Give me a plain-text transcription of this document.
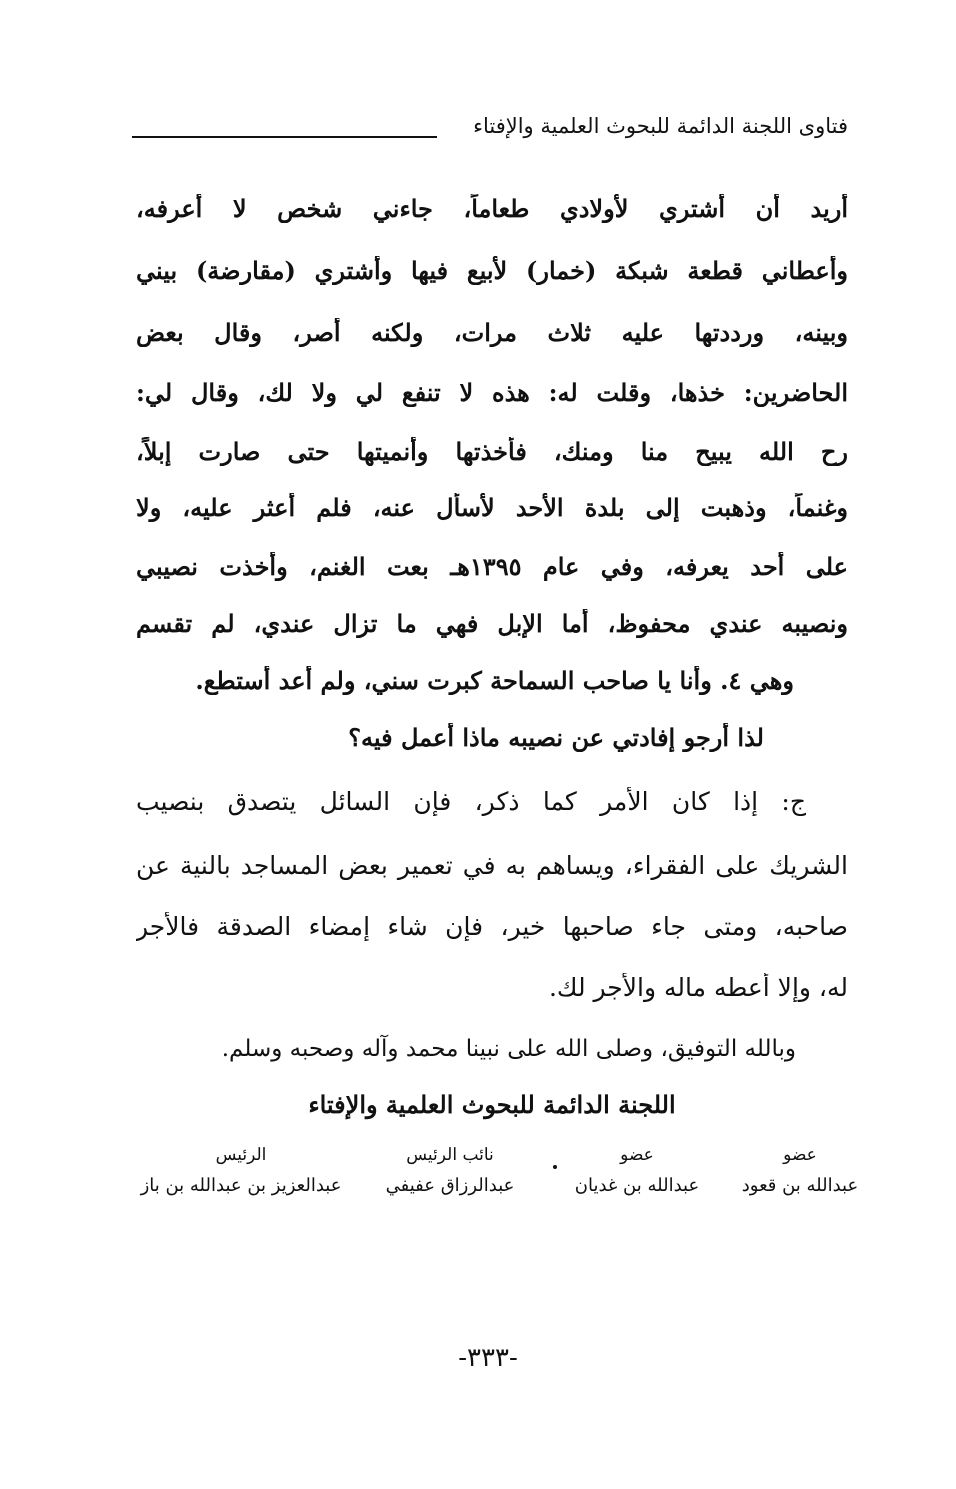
فتاوى اللجنة الدائمة للبحوث العلمية والإفتاء
أريد أن أشتري لأولادي طعاماً، جاءني شخص لا أعرفه،
وأعطاني قطعة شبكة (خمار) لأبيع فيها وأشتري (مقارضة) بيني
وبينه، ورددتها عليه ثلاث مرات، ولكنه أصر، وقال بعض
الحاضرين: خذها، وقلت له: هذه لا تنفع لي ولا لك، وقال لي:
رح الله يبيح منا ومنك، فأخذتها وأنميتها حتى صارت إبلاً،
وغنماً، وذهبت إلى بلدة الأحد لأسأل عنه، فلم أعثر عليه، ولا
على أحد يعرفه، وفي عام ١٣٩٥هـ بعت الغنم، وأخذت نصيبي
ونصيبه عندي محفوظ، أما الإبل فهي ما تزال عندي، لم تقسم
وهي ٤. وأنا يا صاحب السماحة كبرت سني، ولم أعد أستطع.
لذا أرجو إفادتي عن نصيبه ماذا أعمل فيه؟
ج: إذا كان الأمر كما ذكر، فإن السائل يتصدق بنصيب
الشريك على الفقراء، ويساهم به في تعمير بعض المساجد بالنية عن
صاحبه، ومتى جاء صاحبها خير، فإن شاء إمضاء الصدقة فالأجر
له، وإلا أعطه ماله والأجر لك.
وبالله التوفيق، وصلى الله على نبينا محمد وآله وصحبه وسلم.
اللجنة الدائمة للبحوث العلمية والإفتاء
عضو
عبدالله بن قعود
عضو
عبدالله بن غديان
نائب الرئيس
عبدالرزاق عفيفي
الرئيس
عبدالعزيز بن عبدالله بن باز
-٣٣٣-
